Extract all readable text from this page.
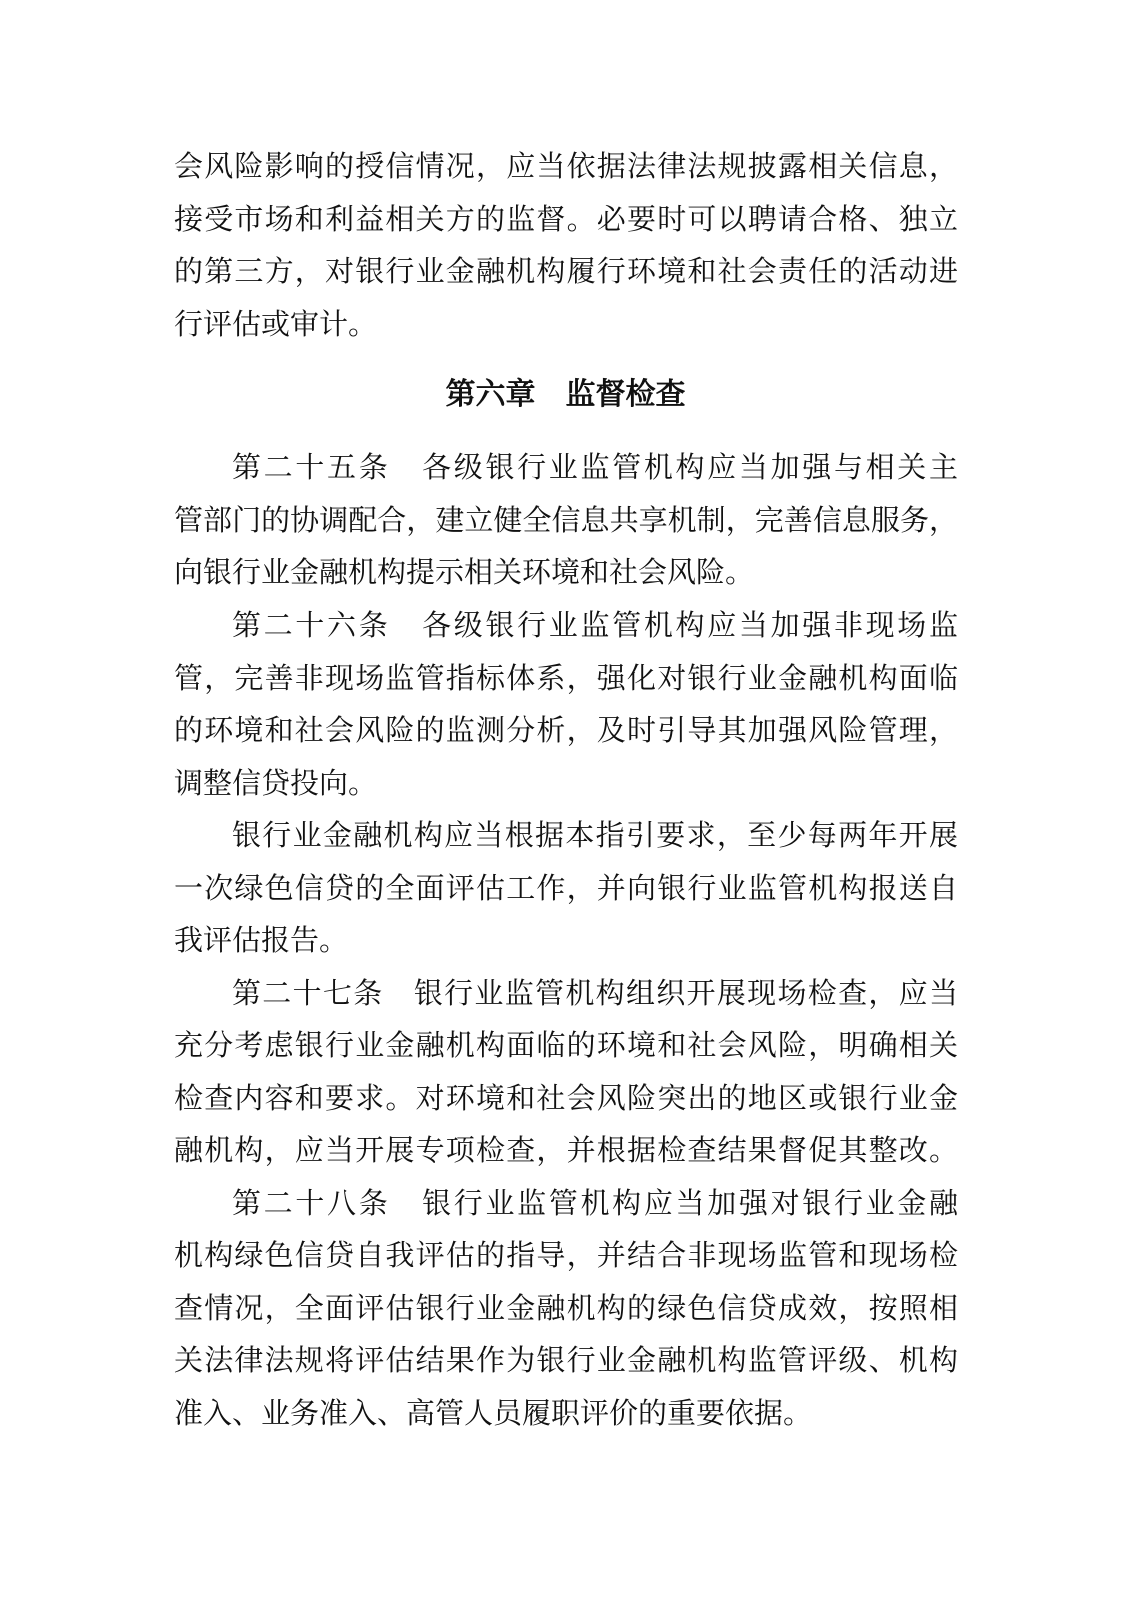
会风险影响的授信情况，应当依据法律法规披露相关信息，
接受市场和利益相关方的监督。必要时可以聘请合格、独立
的第三方，对银行业金融机构履行环境和社会责任的活动进
行评估或审计。
第六章　监督检查
第二十五条　各级银行业监管机构应当加强与相关主
管部门的协调配合，建立健全信息共享机制，完善信息服务，
向银行业金融机构提示相关环境和社会风险。
第二十六条　各级银行业监管机构应当加强非现场监
管，完善非现场监管指标体系，强化对银行业金融机构面临
的环境和社会风险的监测分析，及时引导其加强风险管理，
调整信贷投向。
银行业金融机构应当根据本指引要求，至少每两年开展
一次绿色信贷的全面评估工作，并向银行业监管机构报送自
我评估报告。
第二十七条　银行业监管机构组织开展现场检查，应当
充分考虑银行业金融机构面临的环境和社会风险，明确相关
检查内容和要求。对环境和社会风险突出的地区或银行业金
融机构，应当开展专项检查，并根据检查结果督促其整改。
第二十八条　银行业监管机构应当加强对银行业金融
机构绿色信贷自我评估的指导，并结合非现场监管和现场检
查情况，全面评估银行业金融机构的绿色信贷成效，按照相
关法律法规将评估结果作为银行业金融机构监管评级、机构
准入、业务准入、高管人员履职评价的重要依据。
